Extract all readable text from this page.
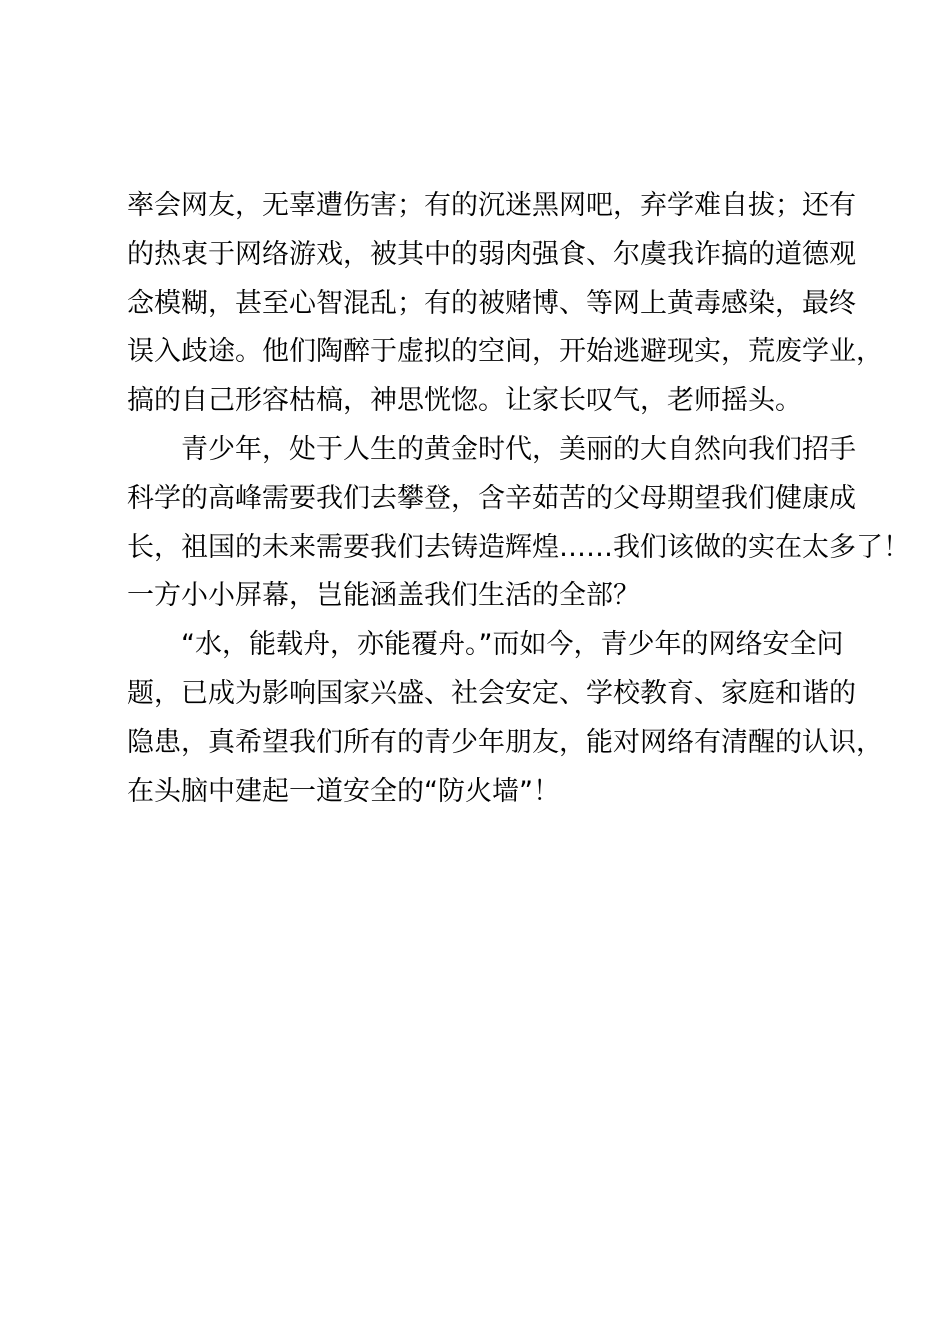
率会网友，无辜遭伤害；有的沉迷黑网吧，弃学难自拔；还有
的热衷于网络游戏，被其中的弱肉强食、尔虞我诈搞的道德观
念模糊，甚至心智混乱；有的被赌博、等网上黄毒感染，最终
误入歧途。他们陶醉于虚拟的空间，开始逃避现实，荒废学业，
搞的自己形容枯槁，神思恍惚。让家长叹气，老师摇头。
青少年，处于人生的黄金时代，美丽的大自然向我们招手
科学的高峰需要我们去攀登，含辛茹苦的父母期望我们健康成
长，祖国的未来需要我们去铸造辉煌……我们该做的实在太多了！
一方小小屏幕，岂能涵盖我们生活的全部？
“水，能载舟，亦能覆舟。”而如今，青少年的网络安全问
题，已成为影响国家兴盛、社会安定、学校教育、家庭和谐的
隐患，真希望我们所有的青少年朋友，能对网络有清醒的认识，
在头脑中建起一道安全的“防火墙”！
